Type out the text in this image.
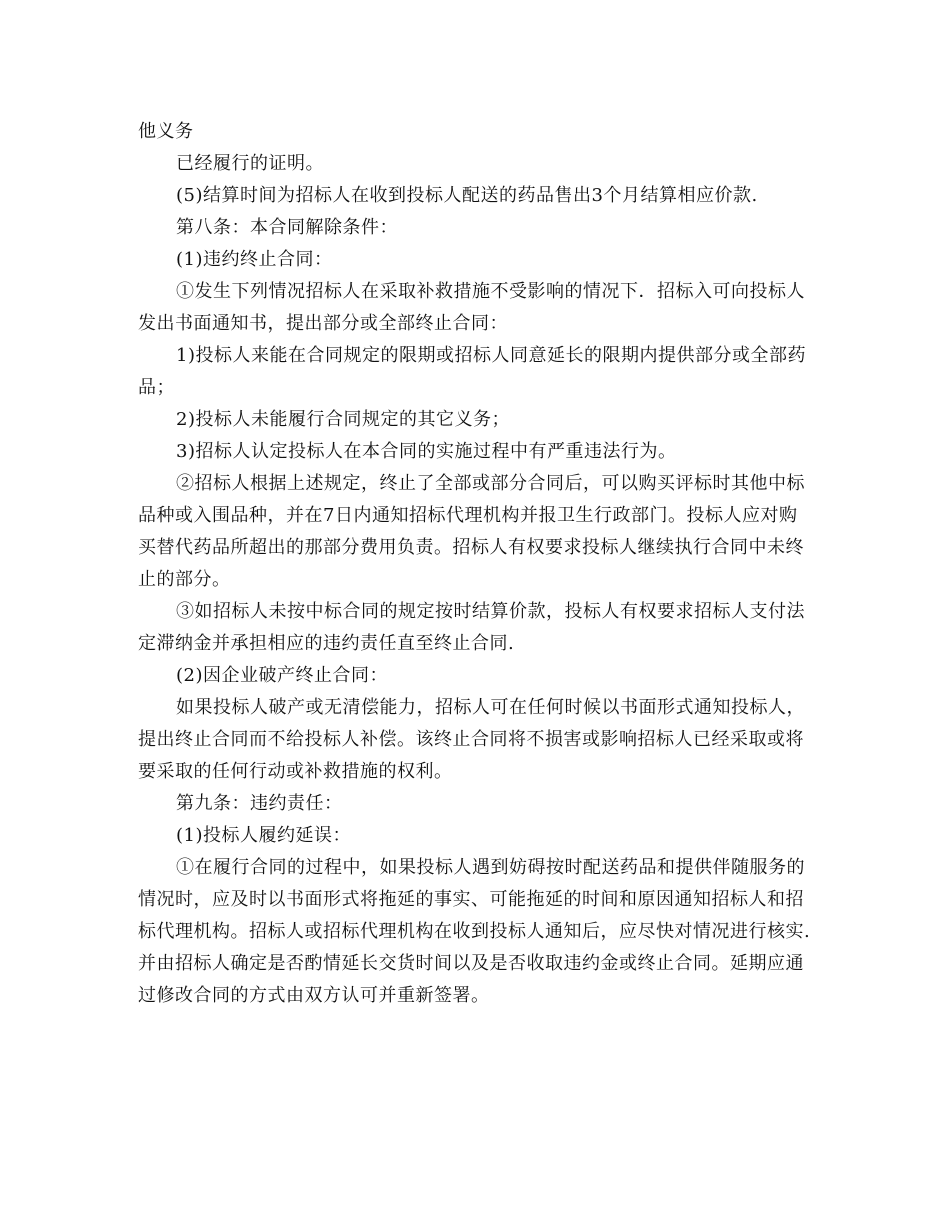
他义务
已经履行的证明。
(5)结算时间为招标人在收到投标人配送的药品售出3个月结算相应价款.
第八条：本合同解除条件：
(1)违约终止合同：
①发生下列情况招标人在采取补救措施不受影响的情况下．招标入可向投标人
发出书面通知书，提出部分或全部终止合同：
1)投标人来能在合同规定的限期或招标人同意延长的限期内提供部分或全部药
品；
2)投标人未能履行合同规定的其它义务；
3)招标人认定投标人在本合同的实施过程中有严重违法行为。
②招标人根据上述规定，终止了全部或部分合同后，可以购买评标时其他中标
品种或入围品种，并在7日内通知招标代理机构并报卫生行政部门。投标人应对购
买替代药品所超出的那部分费用负责。招标人有权要求投标人继续执行合同中未终
止的部分。
③如招标人未按中标合同的规定按时结算价款，投标人有权要求招标人支付法
定滞纳金并承担相应的违约责任直至终止合同.
(2)因企业破产终止合同：
如果投标人破产或无清偿能力，招标人可在任何时候以书面形式通知投标人，
提出终止合同而不给投标人补偿。该终止合同将不损害或影响招标人已经采取或将
要采取的任何行动或补救措施的权利。
第九条：违约责任：
(1)投标人履约延误：
①在履行合同的过程中，如果投标人遇到妨碍按时配送药品和提供伴随服务的
情况时，应及时以书面形式将拖延的事实、可能拖延的时间和原因通知招标人和招
标代理机构。招标人或招标代理机构在收到投标人通知后，应尽快对情况进行核实.
并由招标人确定是否酌情延长交货时间以及是否收取违约金或终止合同。延期应通
过修改合同的方式由双方认可并重新签署。
